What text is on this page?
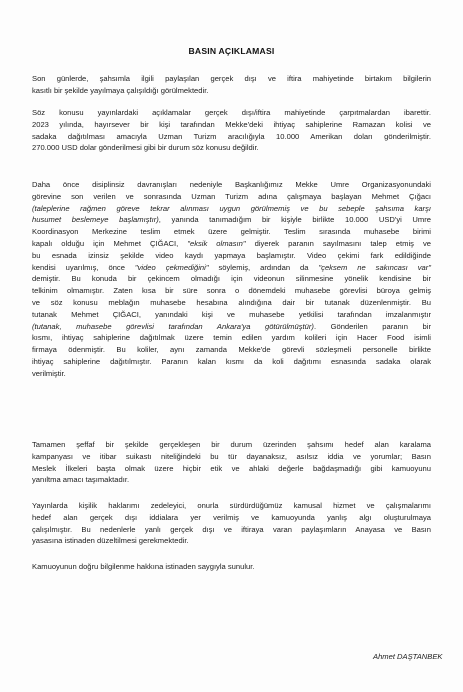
BASIN AÇIKLAMASI
Son günlerde, şahsımla ilgili paylaşılan gerçek dışı ve iftira mahiyetinde birtakım bilgilerin
kasıtlı bir şekilde yayılmaya çalışıldığı görülmektedir.
Söz konusu yayınlardaki açıklamalar gerçek dışı/iftira mahiyetinde çarpıtmalardan ibarettir.
2023 yılında, hayırsever bir kişi tarafından Mekke'deki ihtiyaç sahiplerine Ramazan kolisi ve
sadaka dağıtılması amacıyla Uzman Turizm aracılığıyla 10.000 Amerikan doları gönderilmiştir.
270.000 USD dolar gönderilmesi gibi bir durum söz konusu değildir.
Daha önce disiplinsiz davranışları nedeniyle Başkanlığımız Mekke Umre Organizasyonundaki
görevine son verilen ve sonrasında Uzman Turizm adına çalışmaya başlayan Mehmet Çığacı
(taleplerine rağmen göreve tekrar alınması uygun görülmemiş ve bu sebeple şahsıma karşı
husumet beslemeye başlamıştır), yanında tanımadığım bir kişiyle birlikte 10.000 USD'yi Umre
Koordinasyon Merkezine teslim etmek üzere gelmiştir. Teslim sırasında muhasebe birimi
kapalı olduğu için Mehmet ÇIĞACI, "eksik olmasın" diyerek paranın sayılmasını talep etmiş ve
bu esnada izinsiz şekilde video kaydı yapmaya başlamıştır. Video çekimi fark edildiğinde
kendisi uyarılmış, önce "video çekmediğini" söylemiş, ardından da "çeksem ne sakıncası var"
demiştir. Bu konuda bir çekincem olmadığı için videonun silinmesine yönelik kendisine bir
telkinim olmamıştır. Zaten kısa bir süre sonra o dönemdeki muhasebe görevlisi büroya gelmiş
ve söz konusu meblağın muhasebe hesabına alındığına dair bir tutanak düzenlenmiştir. Bu
tutanak Mehmet ÇIĞACI, yanındaki kişi ve muhasebe yetkilisi tarafından imzalanmıştır
(tutanak, muhasebe görevlisi tarafından Ankara'ya götürülmüştür). Gönderilen paranın bir
kısmı, ihtiyaç sahiplerine dağıtılmak üzere temin edilen yardım kolileri için Hacer Food isimli
firmaya ödenmiştir. Bu koliler, aynı zamanda Mekke'de görevli sözleşmeli personelle birlikte
ihtiyaç sahiplerine dağıtılmıştır. Paranın kalan kısmı da koli dağıtımı esnasında sadaka olarak
verilmiştir.
Tamamen şeffaf bir şekilde gerçekleşen bir durum üzerinden şahsımı hedef alan karalama
kampanyası ve itibar suikastı niteliğindeki bu tür dayanaksız, asılsız iddia ve yorumlar; Basın
Meslek İlkeleri başta olmak üzere hiçbir etik ve ahlaki değerle bağdaşmadığı gibi kamuoyunu
yanıltma amacı taşımaktadır.
Yayınlarda kişilik haklarımı zedeleyici, onurla sürdürdüğümüz kamusal hizmet ve çalışmalarımı
hedef alan gerçek dışı iddialara yer verilmiş ve kamuoyunda yanlış algı oluşturulmaya
çalışılmıştır. Bu nedenlerle yanlı gerçek dışı ve iftiraya varan paylaşımların Anayasa ve Basın
yasasına istinaden düzeltilmesi gerekmektedir.
Kamuoyunun doğru bilgilenme hakkına istinaden saygıyla sunulur.
Ahmet DAŞTANBEK
